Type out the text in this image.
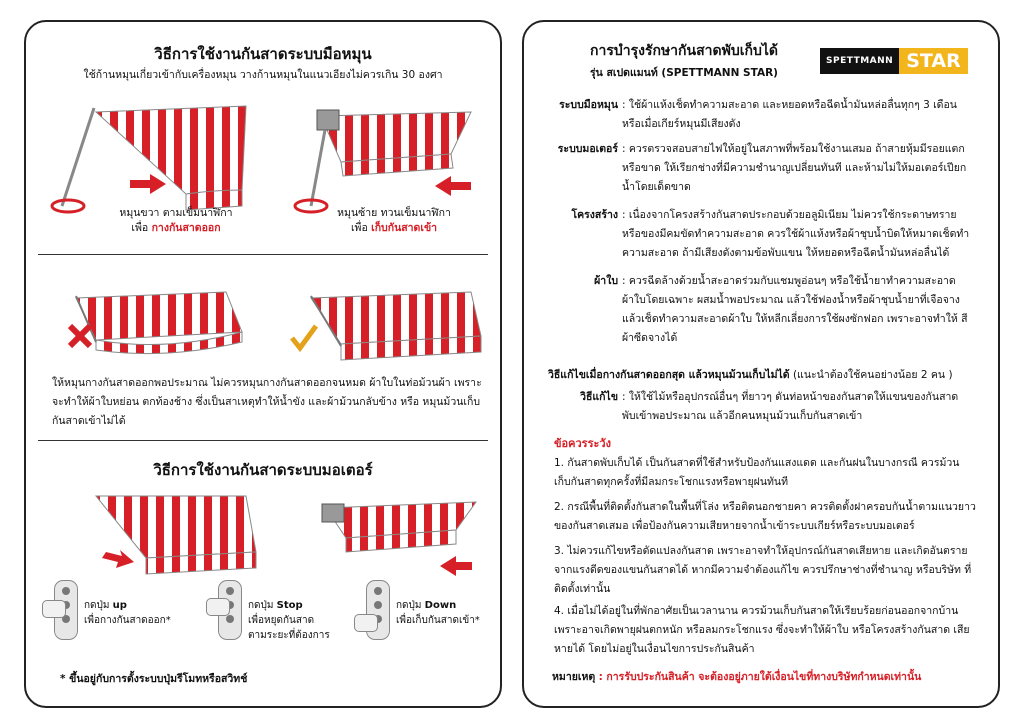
วิธีการใช้งานกันสาดระบบมือหมุน
ใช้ก้านหมุนเกี่ยวเข้ากับเครื่องหมุน วางก้านหมุนในแนวเอียงไม่ควรเกิน 30 องศา
หมุนขวา ตามเข็มนาฬิกา
เพื่อ กางกันสาดออก
หมุนซ้าย ทวนเข็มนาฬิกา
เพื่อ เก็บกันสาดเข้า
ให้หมุนกางกันสาดออกพอประมาณ ไม่ควรหมุนกางกันสาดออกจนหมด ผ้าใบในท่อม้วนผ้า เพราะจะทำให้ผ้าใบหย่อน ตกท้องช้าง ซึ่งเป็นสาเหตุทำให้น้ำขัง และผ้าม้วนกลับข้าง หรือ หมุนม้วนเก็บกันสาดเข้าไม่ได้
วิธีการใช้งานกันสาดระบบมอเตอร์
กดปุ่ม up
เพื่อกางกันสาดออก*
กดปุ่ม Stop
เพื่อหยุดกันสาด
ตามระยะที่ต้องการ
กดปุ่ม Down
เพื่อเก็บกันสาดเข้า*
* ขึ้นอยู่กับการตั้งระบบปุ่มรีโมทหรือสวิทช์
การบำรุงรักษากันสาดพับเก็บได้
รุ่น สเปดแมนท์ (SPETTMANN STAR)
SPETTMANN STAR
ระบบมือหมุน : ใช้ผ้าแห้งเช็ดทำความสะอาด และหยอดหรือฉีดน้ำมันหล่อลื่นทุกๆ 3 เดือน หรือเมื่อเกียร์หมุนมีเสียงดัง
ระบบมอเตอร์ : ควรตรวจสอบสายไฟให้อยู่ในสภาพที่พร้อมใช้งานเสมอ ถ้าสายหุ้มมีรอยแตก หรือขาด ให้เรียกช่างที่มีความชำนาญเปลี่ยนทันที และห้ามไม่ให้มอเตอร์เปียก น้ำโดยเด็ดขาด
โครงสร้าง : เนื่องจากโครงสร้างกันสาดประกอบด้วยอลูมิเนียม ไม่ควรใช้กระดาษทราย หรือของมีคมขัดทำความสะอาด ควรใช้ผ้าแห้งหรือผ้าชุบน้ำบิดให้หมาดเช็ดทำ ความสะอาด ถ้ามีเสียงดังตามข้อพับแขน ให้หยอดหรือฉีดน้ำมันหล่อลื่นได้
ผ้าใบ : ควรฉีดล้างด้วยน้ำสะอาดร่วมกับแชมพูอ่อนๆ หรือใช้น้ำยาทำความสะอาด ผ้าใบโดยเฉพาะ ผสมน้ำพอประมาณ แล้วใช้ฟองน้ำหรือผ้าชุบน้ำยาที่เจือจาง แล้วเช็ดทำความสะอาดผ้าใบ ให้หลีกเลี่ยงการใช้ผงซักฟอก เพราะอาจทำให้ สีผ้าซีดจางได้
วิธีแก้ไขเมื่อกางกันสาดออกสุด แล้วหมุนม้วนเก็บไม่ได้ (แนะนำต้องใช้คนอย่างน้อย 2 คน )
วิธีแก้ไข : ให้ใช้ไม้หรืออุปกรณ์อื่นๆ ที่ยาวๆ ดันท่อหน้าของกันสาดให้แขนของกันสาด พับเข้าพอประมาณ แล้วอีกคนหมุนม้วนเก็บกันสาดเข้า
ข้อควรระวัง
1. กันสาดพับเก็บได้ เป็นกันสาดที่ใช้สำหรับป้องกันแสงแดด และกันฝนในบางกรณี ควรม้วน เก็บกันสาดทุกครั้งที่มีลมกระโชกแรงหรือพายุฝนทันที
2. กรณีพื้นที่ติดตั้งกันสาดในพื้นที่โล่ง หรือติดนอกชายคา ควรติดตั้งฝาครอบกันน้ำตามแนวยาว ของกันสาดเสมอ เพื่อป้องกันความเสียหายจากน้ำเข้าระบบเกียร์หรือระบบมอเตอร์
3. ไม่ควรแก้ไขหรือดัดแปลงกันสาด เพราะอาจทำให้อุปกรณ์กันสาดเสียหาย และเกิดอันตราย จากแรงดีดของแขนกันสาดได้ หากมีความจำต้องแก้ไข ควรปรึกษาช่างที่ชำนาญ หรือบริษัท ที่ติดตั้งเท่านั้น
4. เมื่อไม่ได้อยู่ในที่พักอาศัยเป็นเวลานาน ควรม้วนเก็บกันสาดให้เรียบร้อยก่อนออกจากบ้าน เพราะอาจเกิดพายุฝนตกหนัก หรือลมกระโชกแรง ซึ่งจะทำให้ผ้าใบ หรือโครงสร้างกันสาด เสียหายได้ โดยไม่อยู่ในเงื่อนไขการประกันสินค้า
หมายเหตุ : การรับประกันสินค้า จะต้องอยู่ภายใต้เงื่อนไขที่ทางบริษัทกำหนดเท่านั้น
